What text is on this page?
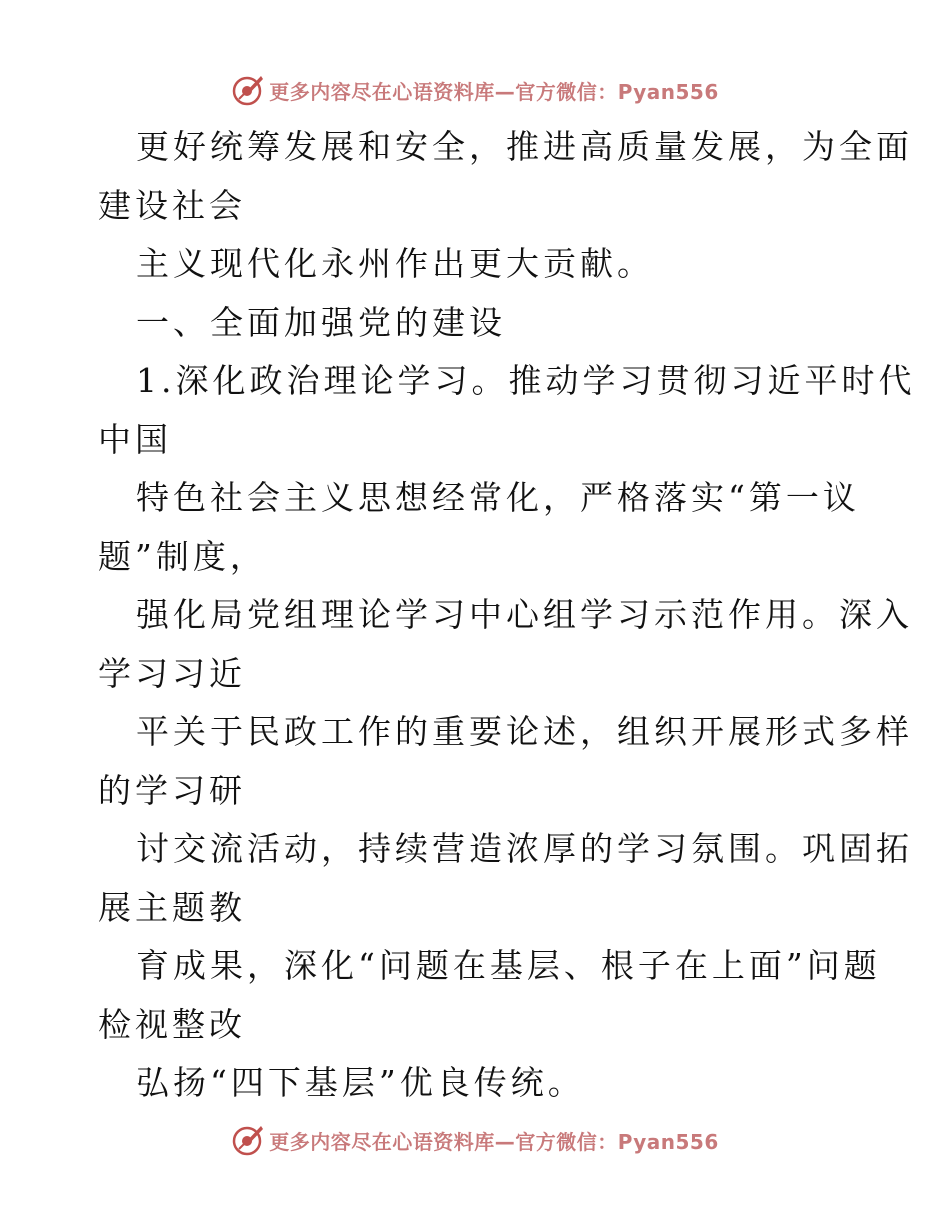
更多内容尽在心语资料库—官方微信：Pyan556
更好统筹发展和安全，推进高质量发展，为全面
建设社会
主义现代化永州作出更大贡献。
一、全面加强党的建设
1.深化政治理论学习。推动学习贯彻习近平时代
中国
特色社会主义思想经常化，严格落实“第一议
题”制度，
强化局党组理论学习中心组学习示范作用。深入
学习习近
平关于民政工作的重要论述，组织开展形式多样
的学习研
讨交流活动，持续营造浓厚的学习氛围。巩固拓
展主题教
育成果，深化“问题在基层、根子在上面”问题
检视整改
弘扬“四下基层”优良传统。
更多内容尽在心语资料库—官方微信：Pyan556
